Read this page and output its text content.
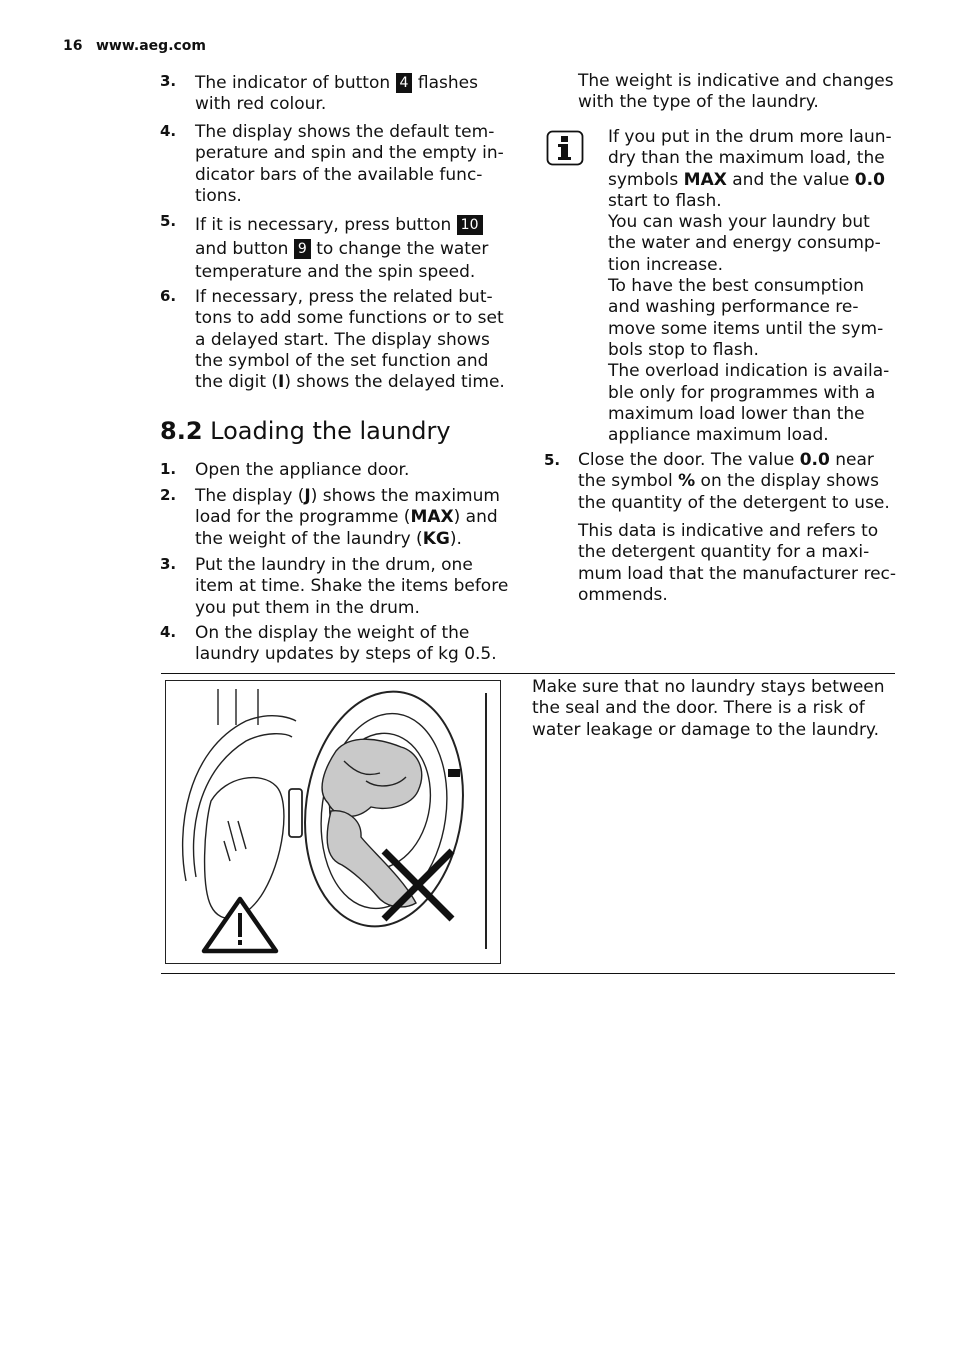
16 www.aeg.com
3. The indicator of button 4 flashes with red colour.
4. The display shows the default tem-perature and spin and the empty in-dicator bars of the available func-tions.
5. If it is necessary, press button 10
and button 9 to change the water temperature and the spin speed.
6. If necessary, press the related but-tons to add some functions or to set a delayed start. The display shows the symbol of the set function and the digit (I) shows the delayed time.
8.2 Loading the laundry
1. Open the appliance door.
2. The display (J) shows the maximum load for the programme (MAX) and the weight of the laundry (KG).
3. Put the laundry in the drum, one item at time. Shake the items before you put them in the drum.
4. On the display the weight of the laundry updates by steps of kg 0.5.
The weight is indicative and changes with the type of the laundry.
If you put in the drum more laun-dry than the maximum load, the symbols MAX and the value 0.0 start to flash.
You can wash your laundry but the water and energy consump-tion increase.
To have the best consumption and washing performance re-move some items until the sym-bols stop to flash.
The overload indication is availa-ble only for programmes with a maximum load lower than the appliance maximum load.
5. Close the door. The value 0.0 near the symbol % on the display shows the quantity of the detergent to use.
This data is indicative and refers to the detergent quantity for a maxi-mum load that the manufacturer rec-ommends.
Make sure that no laundry stays between the seal and the door. There is a risk of water leakage or damage to the laundry.
